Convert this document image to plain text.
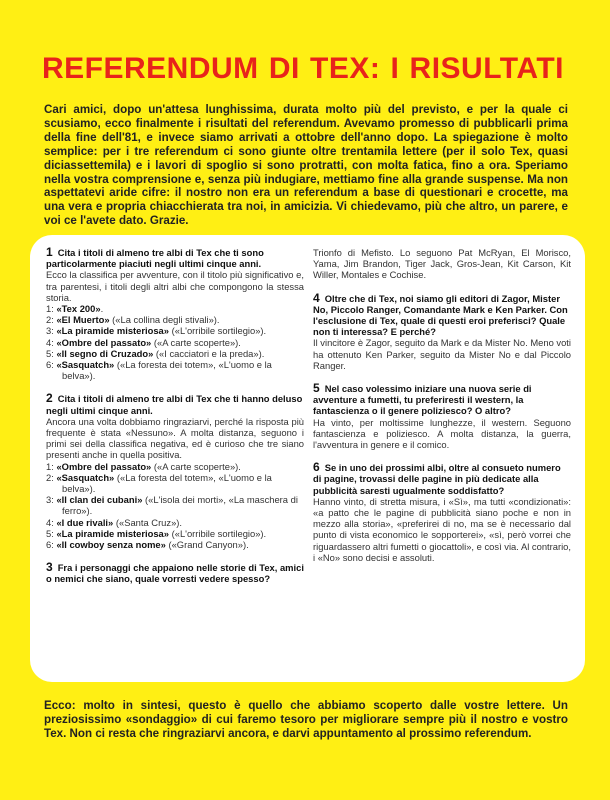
REFERENDUM DI TEX: I RISULTATI

Cari amici, dopo un'attesa lunghissima, durata molto più del previsto, e per la quale ci scusiamo, ecco finalmente i risultati del referendum. Avevamo promesso di pubblicarli prima della fine dell'81, e invece siamo arrivati a ottobre dell'anno dopo. La spiegazione è molto semplice: per i tre referendum ci sono giunte oltre trentamila lettere (per il solo Tex, quasi diciassettemila) e i lavori di spoglio si sono protratti, con molta fatica, fino a ora. Speriamo nella vostra comprensione e, senza più indugiare, mettiamo fine alla grande suspense. Ma non aspettatevi aride cifre: il nostro non era un referendum a base di questionari e crocette, ma una vera e propria chiacchierata tra noi, in amicizia. Vi chiedevamo, più che altro, un parere, e voi ce l'avete dato. Grazie.

1 Cita i titoli di almeno tre albi di Tex che ti sono particolarmente piaciuti negli ultimi cinque anni.

Ecco la classifica per avventure, con il titolo più significativo e, tra parentesi, i titoli degli altri albi che compongono la stessa storia.

1: «Tex 200».

2: «El Muerto» («La collina degli stivali»).

3: «La piramide misteriosa» («L'orribile sortilegio»).

4: «Ombre del passato» («A carte scoperte»).

5: «Il segno di Cruzado» («I cacciatori e la preda»).

6: «Sasquatch» («La foresta dei totem», «L'uomo e la belva»).

2 Cita i titoli di almeno tre albi di Tex che ti hanno deluso negli ultimi cinque anni.

Ancora una volta dobbiamo ringraziarvi, perché la risposta più frequente è stata «Nessuno». A molta distanza, seguono i primi sei della classifica negativa, ed è curioso che tre siano presenti anche in quella positiva.

1: «Ombre del passato» («A carte scoperte»).

2: «Sasquatch» («La foresta del totem», «L'uomo e la belva»).

3: «Il clan dei cubani» («L'isola dei morti», «La maschera di ferro»).

4: «I due rivali» («Santa Cruz»).

5: «La piramide misteriosa» («L'orribile sortilegio»).

6: «Il cowboy senza nome» («Grand Canyon»).

3 Fra i personaggi che appaiono nelle storie di Tex, amici o nemici che siano, quale vorresti vedere spesso?

Trionfo di Mefisto. Lo seguono Pat McRyan, El Morisco, Yama, Jim Brandon, Tiger Jack, Gros-Jean, Kit Carson, Kit Willer, Montales e Cochise.

4 Oltre che di Tex, noi siamo gli editori di Zagor, Mister No, Piccolo Ranger, Comandante Mark e Ken Parker. Con l'esclusione di Tex, quale di questi eroi preferisci? Quale non ti interessa? E perché?

Il vincitore è Zagor, seguito da Mark e da Mister No. Meno voti ha ottenuto Ken Parker, seguito da Mister No e dal Piccolo Ranger.

5 Nel caso volessimo iniziare una nuova serie di avventure a fumetti, tu preferiresti il western, la fantascienza o il genere poliziesco? O altro?

Ha vinto, per moltissime lunghezze, il western. Seguono fantascienza e poliziesco. A molta distanza, la guerra, l'avventura in genere e il comico.

6 Se in uno dei prossimi albi, oltre al consueto numero di pagine, trovassi delle pagine in più dedicate alla pubblicità saresti ugualmente soddisfatto?

Hanno vinto, di stretta misura, i «Sì», ma tutti «condizionati»: «a patto che le pagine di pubblicità siano poche e non in mezzo alla storia», «preferirei di no, ma se è necessario dal punto di vista economico le sopporterei», «sì, però vorrei che riguardassero altri fumetti o giocattoli», e così via. Al contrario, i «No» sono decisi e assoluti.

Ecco: molto in sintesi, questo è quello che abbiamo scoperto dalle vostre lettere. Un preziosissimo «sondaggio» di cui faremo tesoro per migliorare sempre più il nostro e vostro Tex. Non ci resta che ringraziarvi ancora, e darvi appuntamento al prossimo referendum.
